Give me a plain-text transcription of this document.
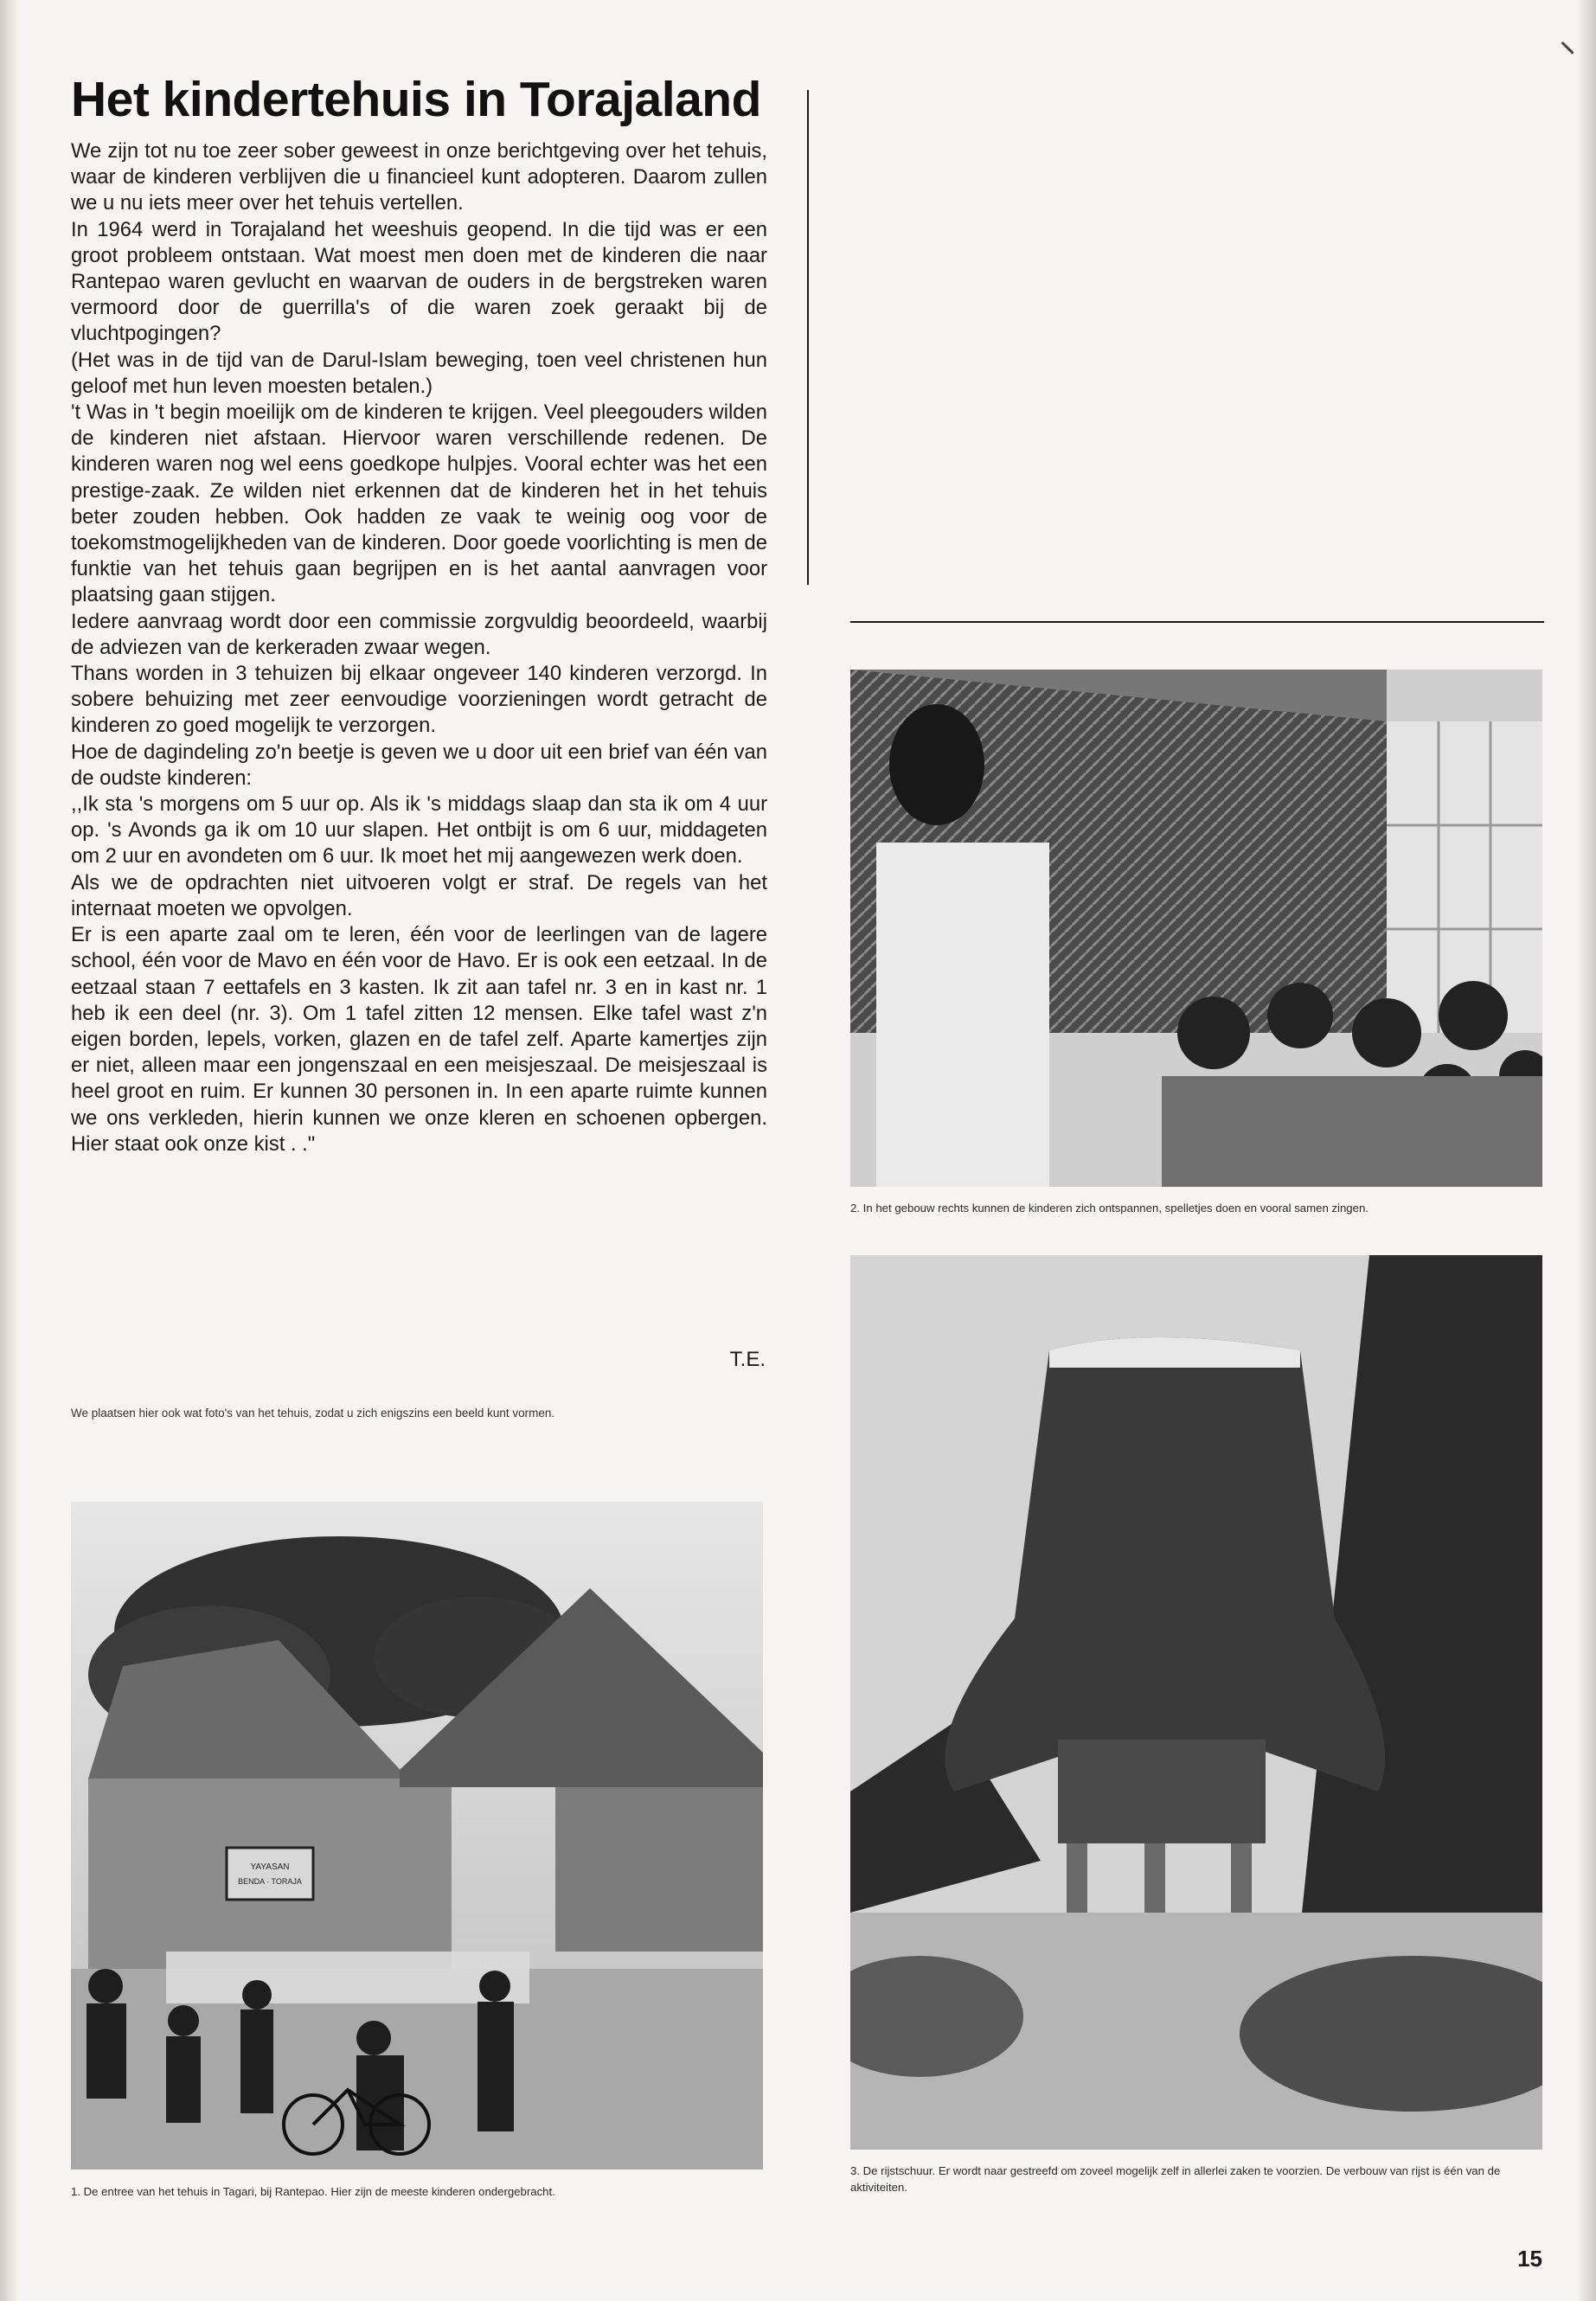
Het kindertehuis in Torajaland

We zijn tot nu toe zeer sober geweest in onze berichtgeving over het tehuis, waar de kinderen verblijven die u financieel kunt adopteren. Daarom zullen we u nu iets meer over het tehuis vertellen.

In 1964 werd in Torajaland het weeshuis geopend. In die tijd was er een groot probleem ontstaan. Wat moest men doen met de kinderen die naar Rantepao waren gevlucht en waarvan de ouders in de bergstreken waren vermoord door de guerrilla's of die waren zoek geraakt bij de vluchtpogingen?

(Het was in de tijd van de Darul-Islam beweging, toen veel christenen hun geloof met hun leven moesten betalen.)

't Was in 't begin moeilijk om de kinderen te krijgen. Veel pleegouders wilden de kinderen niet afstaan. Hiervoor waren verschillende redenen. De kinderen waren nog wel eens goedkope hulpjes. Vooral echter was het een prestige-zaak. Ze wilden niet erkennen dat de kinderen het in het tehuis beter zouden hebben. Ook hadden ze vaak te weinig oog voor de toekomstmogelijkheden van de kinderen. Door goede voorlichting is men de funktie van het tehuis gaan begrijpen en is het aantal aanvragen voor plaatsing gaan stijgen.

Iedere aanvraag wordt door een commissie zorgvuldig beoordeeld, waarbij de adviezen van de kerkeraden zwaar wegen.

Thans worden in 3 tehuizen bij elkaar ongeveer 140 kinderen verzorgd. In sobere behuizing met zeer eenvoudige voorzieningen wordt getracht de kinderen zo goed mogelijk te verzorgen.

Hoe de dagindeling zo'n beetje is geven we u door uit een brief van één van de oudste kinderen:

,,Ik sta 's morgens om 5 uur op. Als ik 's middags slaap dan sta ik om 4 uur op. 's Avonds ga ik om 10 uur slapen. Het ontbijt is om 6 uur, middageten om 2 uur en avondeten om 6 uur. Ik moet het mij aangewezen werk doen.

Als we de opdrachten niet uitvoeren volgt er straf. De regels van het internaat moeten we opvolgen.

Er is een aparte zaal om te leren, één voor de leerlingen van de lagere school, één voor de Mavo en één voor de Havo. Er is ook een eetzaal. In de eetzaal staan 7 eettafels en 3 kasten. Ik zit aan tafel nr. 3 en in kast nr. 1 heb ik een deel (nr. 3). Om 1 tafel zitten 12 mensen. Elke tafel wast z'n eigen borden, lepels, vorken, glazen en de tafel zelf. Aparte kamertjes zijn er niet, alleen maar een jongenszaal en een meisjeszaal. De meisjeszaal is heel groot en ruim. Er kunnen 30 personen in. In een aparte ruimte kunnen we ons verkleden, hierin kunnen we onze kleren en schoenen opbergen. Hier staat ook onze kist . ."

T.E.
We plaatsen hier ook wat foto's van het tehuis, zodat u zich enigszins een beeld kunt vormen.
YAYASAN
BENDA · TORAJA
1. De entree van het tehuis in Tagari, bij Rantepao. Hier zijn de meeste kinderen ondergebracht.
2. In het gebouw rechts kunnen de kinderen zich ontspannen, spelletjes doen en vooral samen zingen.
3. De rijstschuur. Er wordt naar gestreefd om zoveel mogelijk zelf in allerlei zaken te voorzien. De verbouw van rijst is één van de aktiviteiten.
15
